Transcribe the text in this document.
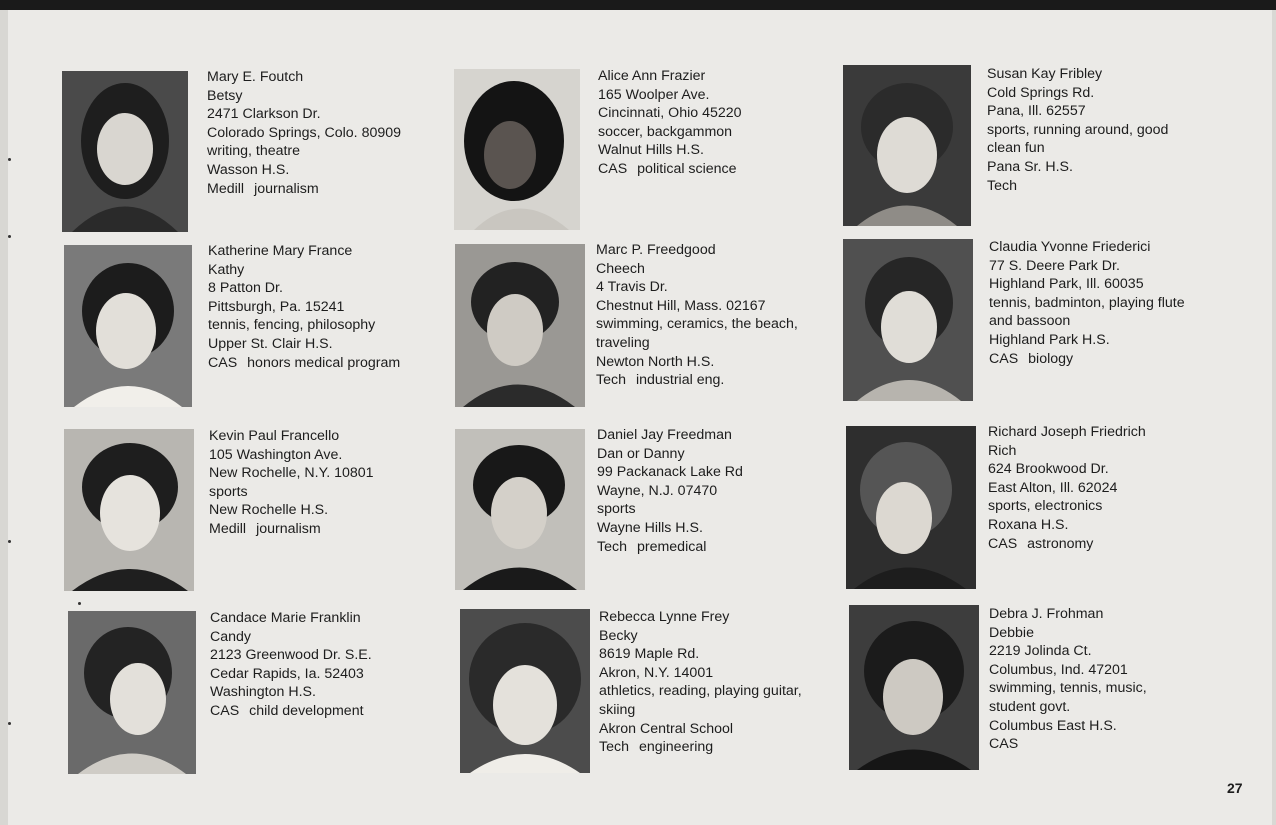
Mary E. Foutch
Betsy
2471 Clarkson Dr.
Colorado Springs, Colo. 80909
writing, theatre
Wasson H.S.
Medill journalism
Alice Ann Frazier
165 Woolper Ave.
Cincinnati, Ohio 45220
soccer, backgammon
Walnut Hills H.S.
CAS political science
Susan Kay Fribley
Cold Springs Rd.
Pana, Ill. 62557
sports, running around, good
clean fun
Pana Sr. H.S.
Tech
Katherine Mary France
Kathy
8 Patton Dr.
Pittsburgh, Pa. 15241
tennis, fencing, philosophy
Upper St. Clair H.S.
CAS honors medical program
Marc P. Freedgood
Cheech
4 Travis Dr.
Chestnut Hill, Mass. 02167
swimming, ceramics, the beach,
traveling
Newton North H.S.
Tech industrial eng.
Claudia Yvonne Friederici
77 S. Deere Park Dr.
Highland Park, Ill. 60035
tennis, badminton, playing flute
and bassoon
Highland Park H.S.
CAS biology
Kevin Paul Francello
105 Washington Ave.
New Rochelle, N.Y. 10801
sports
New Rochelle H.S.
Medill journalism
Daniel Jay Freedman
Dan or Danny
99 Packanack Lake Rd
Wayne, N.J. 07470
sports
Wayne Hills H.S.
Tech premedical
Richard Joseph Friedrich
Rich
624 Brookwood Dr.
East Alton, Ill. 62024
sports, electronics
Roxana H.S.
CAS astronomy
Candace Marie Franklin
Candy
2123 Greenwood Dr. S.E.
Cedar Rapids, Ia. 52403
Washington H.S.
CAS child development
Rebecca Lynne Frey
Becky
8619 Maple Rd.
Akron, N.Y. 14001
athletics, reading, playing guitar,
skiing
Akron Central School
Tech engineering
Debra J. Frohman
Debbie
2219 Jolinda Ct.
Columbus, Ind. 47201
swimming, tennis, music,
student govt.
Columbus East H.S.
CAS
27
